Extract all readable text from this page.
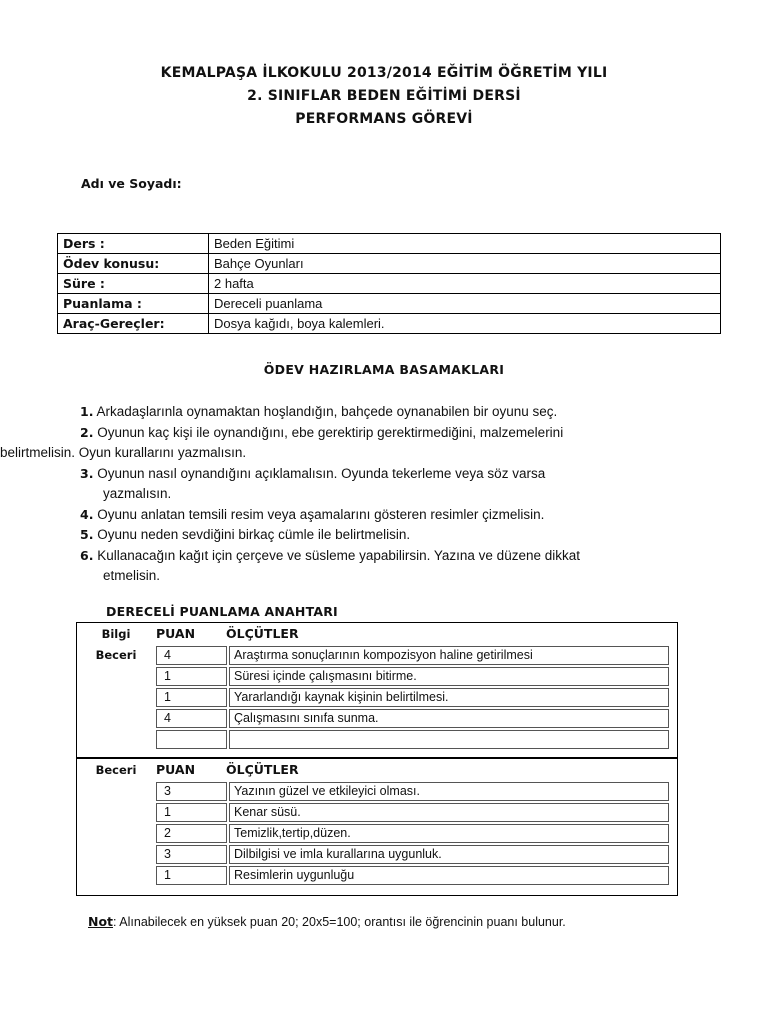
KEMALPAŞA İLKOKULU 2013/2014 EĞİTİM ÖĞRETİM YILI
2. SINIFLAR BEDEN EĞİTİMİ DERSİ
PERFORMANS GÖREVİ
Adı ve Soyadı:
Ders :	Beden Eğitimi
Ödev konusu:	Bahçe Oyunları
Süre :	2 hafta
Puanlama :	Dereceli puanlama
Araç-Gereçler:	Dosya kağıdı, boya kalemleri.
ÖDEV HAZIRLAMA BASAMAKLARI
1. Arkadaşlarınla oynamaktan hoşlandığın, bahçede oynanabilen bir oyunu seç.
2. Oyunun kaç kişi ile oynandığını, ebe gerektirip gerektirmediğini, malzemelerini
belirtmelisin. Oyun kurallarını yazmalısın.
3. Oyunun nasıl oynandığını açıklamalısın. Oyunda tekerleme veya söz varsa
yazmalısın.
4. Oyunu anlatan temsili resim veya aşamalarını gösteren resimler çizmelisin.
5. Oyunu neden sevdiğini birkaç cümle ile belirtmelisin.
6. Kullanacağın kağıt için çerçeve ve süsleme yapabilirsin. Yazına ve düzene dikkat
etmelisin.
DERECELİ PUANLAMA ANAHTARI
Bilgi
Beceri
PUAN ÖLÇÜTLER
4	Araştırma sonuçlarının kompozisyon haline getirilmesi
1	Süresi içinde çalışmasını bitirme.
1	Yararlandığı kaynak kişinin belirtilmesi.
4	Çalışmasını sınıfa sunma.

Beceri	PUAN ÖLÇÜTLER
3	Yazının güzel ve etkileyici olması.
1	Kenar süsü.
2	Temizlik,tertip,düzen.
3	Dilbilgisi ve imla kurallarına uygunluk.
1	Resimlerin uygunluğu
Not: Alınabilecek en yüksek puan 20; 20x5=100; orantısı ile öğrencinin puanı bulunur.
